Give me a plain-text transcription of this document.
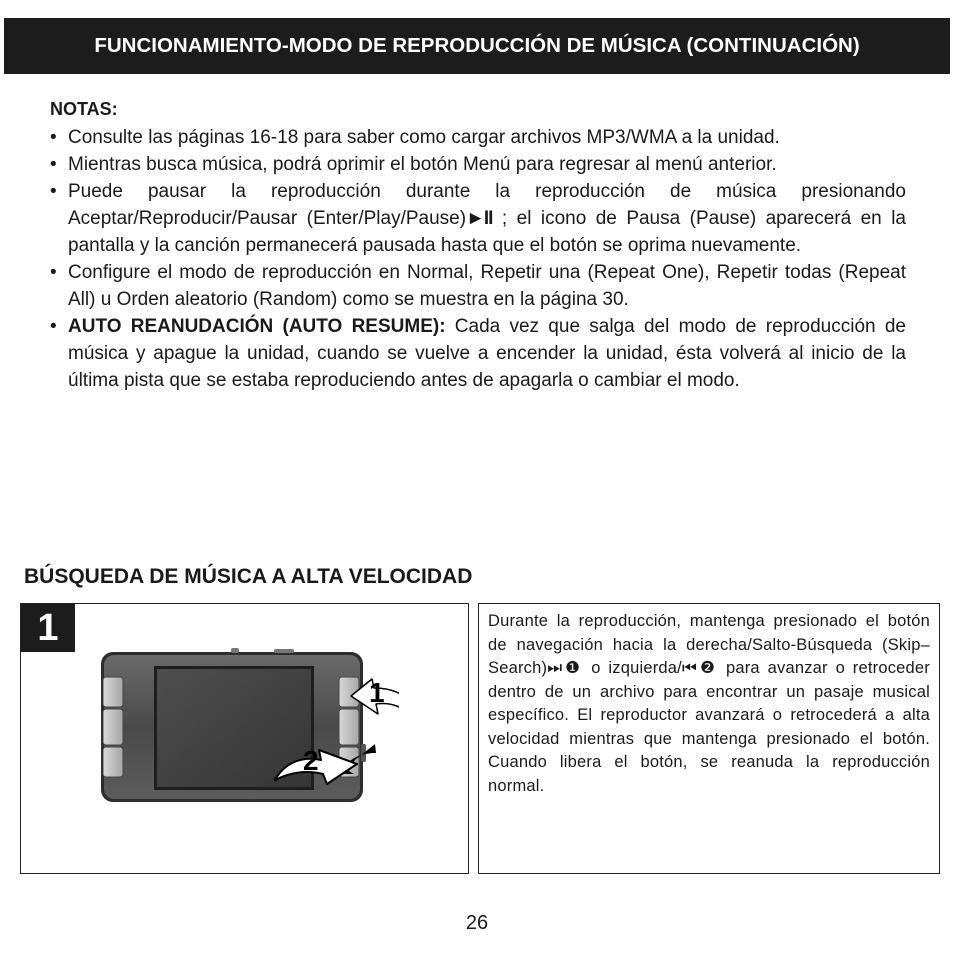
FUNCIONAMIENTO-MODO DE REPRODUCCIÓN DE MÚSICA (CONTINUACIÓN)
NOTAS:
• Consulte las páginas 16-18 para saber como cargar archivos MP3/WMA a la unidad.
• Mientras busca música, podrá oprimir el botón Menú para regresar al menú anterior.
• Puede pausar la reproducción durante la reproducción de música presionando Aceptar/Reproducir/Pausar (Enter/Play/Pause)►II ; el icono de Pausa (Pause) aparecerá en la pantalla y la canción permanecerá pausada hasta que el botón se oprima nuevamente.
• Configure el modo de reproducción en Normal, Repetir una (Repeat One), Repetir todas (Repeat All) u Orden aleatorio (Random) como se muestra en la página 30.
• AUTO REANUDACIÓN (AUTO RESUME): Cada vez que salga del modo de reproducción de música y apague la unidad, cuando se vuelve a encender la unidad, ésta volverá al inicio de la última pista que se estaba reproduciendo antes de apagarla o cambiar el modo.
BÚSQUEDA DE MÚSICA A ALTA VELOCIDAD
1
1
2

Durante la reproducción, mantenga presionado el botón de navegación hacia la derecha/Salto-Búsqueda (Skip–Search)⏭❶ o izquierda/⏮❷ para avanzar o retroceder dentro de un archivo para encontrar un pasaje musical específico. El reproductor avanzará o retrocederá a alta velocidad mientras que mantenga presionado el botón. Cuando libera el botón, se reanuda la reproducción normal.

26
